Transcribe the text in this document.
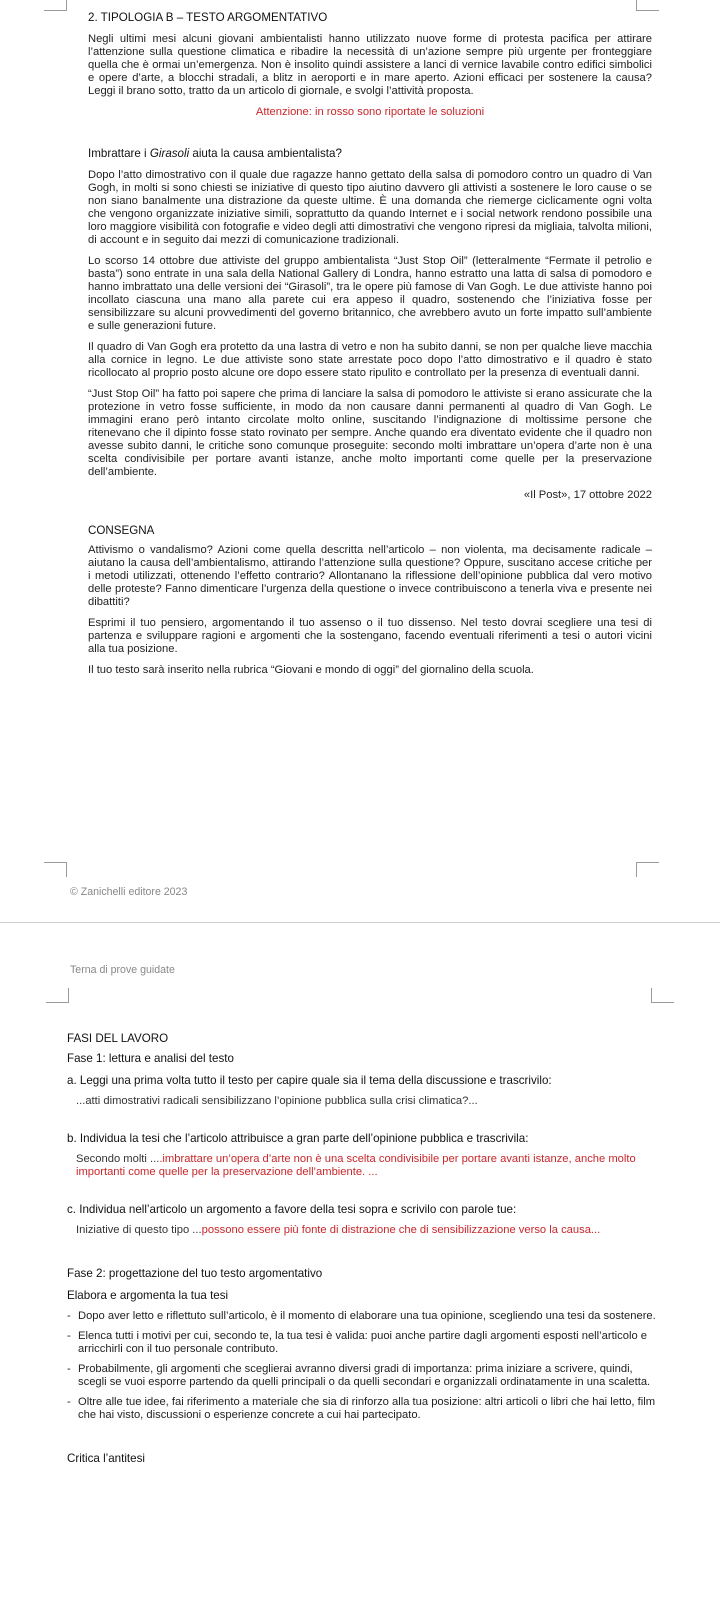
2. TIPOLOGIA B – TESTO ARGOMENTATIVO

Negli ultimi mesi alcuni giovani ambientalisti hanno utilizzato nuove forme di protesta pacifica per attirare l’attenzione sulla questione climatica e ribadire la necessità di un’azione sempre più urgente per fronteggiare quella che è ormai un’emergenza. Non è insolito quindi assistere a lanci di vernice lavabile contro edifici simbolici e opere d’arte, a blocchi stradali, a blitz in aeroporti e in mare aperto. Azioni efficaci per sostenere la causa? Leggi il brano sotto, tratto da un articolo di giornale, e svolgi l’attività proposta.

Attenzione: in rosso sono riportate le soluzioni

Imbrattare i Girasoli aiuta la causa ambientalista?

Dopo l’atto dimostrativo con il quale due ragazze hanno gettato della salsa di pomodoro contro un quadro di Van Gogh, in molti si sono chiesti se iniziative di questo tipo aiutino davvero gli attivisti a sostenere le loro cause o se non siano banalmente una distrazione da queste ultime. È una domanda che riemerge ciclicamente ogni volta che vengono organizzate iniziative simili, soprattutto da quando Internet e i social network rendono possibile una loro maggiore visibilità con fotografie e video degli atti dimostrativi che vengono ripresi da migliaia, talvolta milioni, di account e in seguito dai mezzi di comunicazione tradizionali.

Lo scorso 14 ottobre due attiviste del gruppo ambientalista “Just Stop Oil” (letteralmente “Fermate il petrolio e basta”) sono entrate in una sala della National Gallery di Londra, hanno estratto una latta di salsa di pomodoro e hanno imbrattato una delle versioni dei “Girasoli”, tra le opere più famose di Van Gogh. Le due attiviste hanno poi incollato ciascuna una mano alla parete cui era appeso il quadro, sostenendo che l’iniziativa fosse per sensibilizzare su alcuni provvedimenti del governo britannico, che avrebbero avuto un forte impatto sull’ambiente e sulle generazioni future.

Il quadro di Van Gogh era protetto da una lastra di vetro e non ha subito danni, se non per qualche lieve macchia alla cornice in legno. Le due attiviste sono state arrestate poco dopo l’atto dimostrativo e il quadro è stato ricollocato al proprio posto alcune ore dopo essere stato ripulito e controllato per la presenza di eventuali danni.

“Just Stop Oil” ha fatto poi sapere che prima di lanciare la salsa di pomodoro le attiviste si erano assicurate che la protezione in vetro fosse sufficiente, in modo da non causare danni permanenti al quadro di Van Gogh. Le immagini erano però intanto circolate molto online, suscitando l’indignazione di moltissime persone che ritenevano che il dipinto fosse stato rovinato per sempre. Anche quando era diventato evidente che il quadro non avesse subito danni, le critiche sono comunque proseguite: secondo molti imbrattare un’opera d’arte non è una scelta condivisibile per portare avanti istanze, anche molto importanti come quelle per la preservazione dell’ambiente.

«Il Post», 17 ottobre 2022

CONSEGNA

Attivismo o vandalismo? Azioni come quella descritta nell’articolo – non violenta, ma decisamente radicale – aiutano la causa dell’ambientalismo, attirando l’attenzione sulla questione? Oppure, suscitano accese critiche per i metodi utilizzati, ottenendo l’effetto contrario? Allontanano la riflessione dell’opinione pubblica dal vero motivo delle proteste? Fanno dimenticare l’urgenza della questione o invece contribuiscono a tenerla viva e presente nei dibattiti?

Esprimi il tuo pensiero, argomentando il tuo assenso o il tuo dissenso. Nel testo dovrai scegliere una tesi di partenza e sviluppare ragioni e argomenti che la sostengano, facendo eventuali riferimenti a tesi o autori vicini alla tua posizione.

Il tuo testo sarà inserito nella rubrica “Giovani e mondo di oggi” del giornalino della scuola.

© Zanichelli editore 2023
Terna di prove guidate

FASI DEL LAVORO

Fase 1: lettura e analisi del testo

a. Leggi una prima volta tutto il testo per capire quale sia il tema della discussione e trascrivilo:

...atti dimostrativi radicali sensibilizzano l’opinione pubblica sulla crisi climatica?...

b. Individua la tesi che l’articolo attribuisce a gran parte dell’opinione pubblica e trascrivila:

Secondo molti ....imbrattare un’opera d’arte non è una scelta condivisibile per portare avanti istanze, anche molto importanti come quelle per la preservazione dell’ambiente. ...

c. Individua nell’articolo un argomento a favore della tesi sopra e scrivilo con parole tue:

Iniziative di questo tipo ...possono essere più fonte di distrazione che di sensibilizzazione verso la causa...

Fase 2: progettazione del tuo testo argomentativo

Elabora e argomenta la tua tesi

- Dopo aver letto e riflettuto sull’articolo, è il momento di elaborare una tua opinione, scegliendo una tesi da sostenere.
- Elenca tutti i motivi per cui, secondo te, la tua tesi è valida: puoi anche partire dagli argomenti esposti nell’articolo e arricchirli con il tuo personale contributo.
- Probabilmente, gli argomenti che sceglierai avranno diversi gradi di importanza: prima iniziare a scrivere, quindi, scegli se vuoi esporre partendo da quelli principali o da quelli secondari e organizzali ordinatamente in una scaletta.
- Oltre alle tue idee, fai riferimento a materiale che sia di rinforzo alla tua posizione: altri articoli o libri che hai letto, film che hai visto, discussioni o esperienze concrete a cui hai partecipato.

Critica l’antitesi
